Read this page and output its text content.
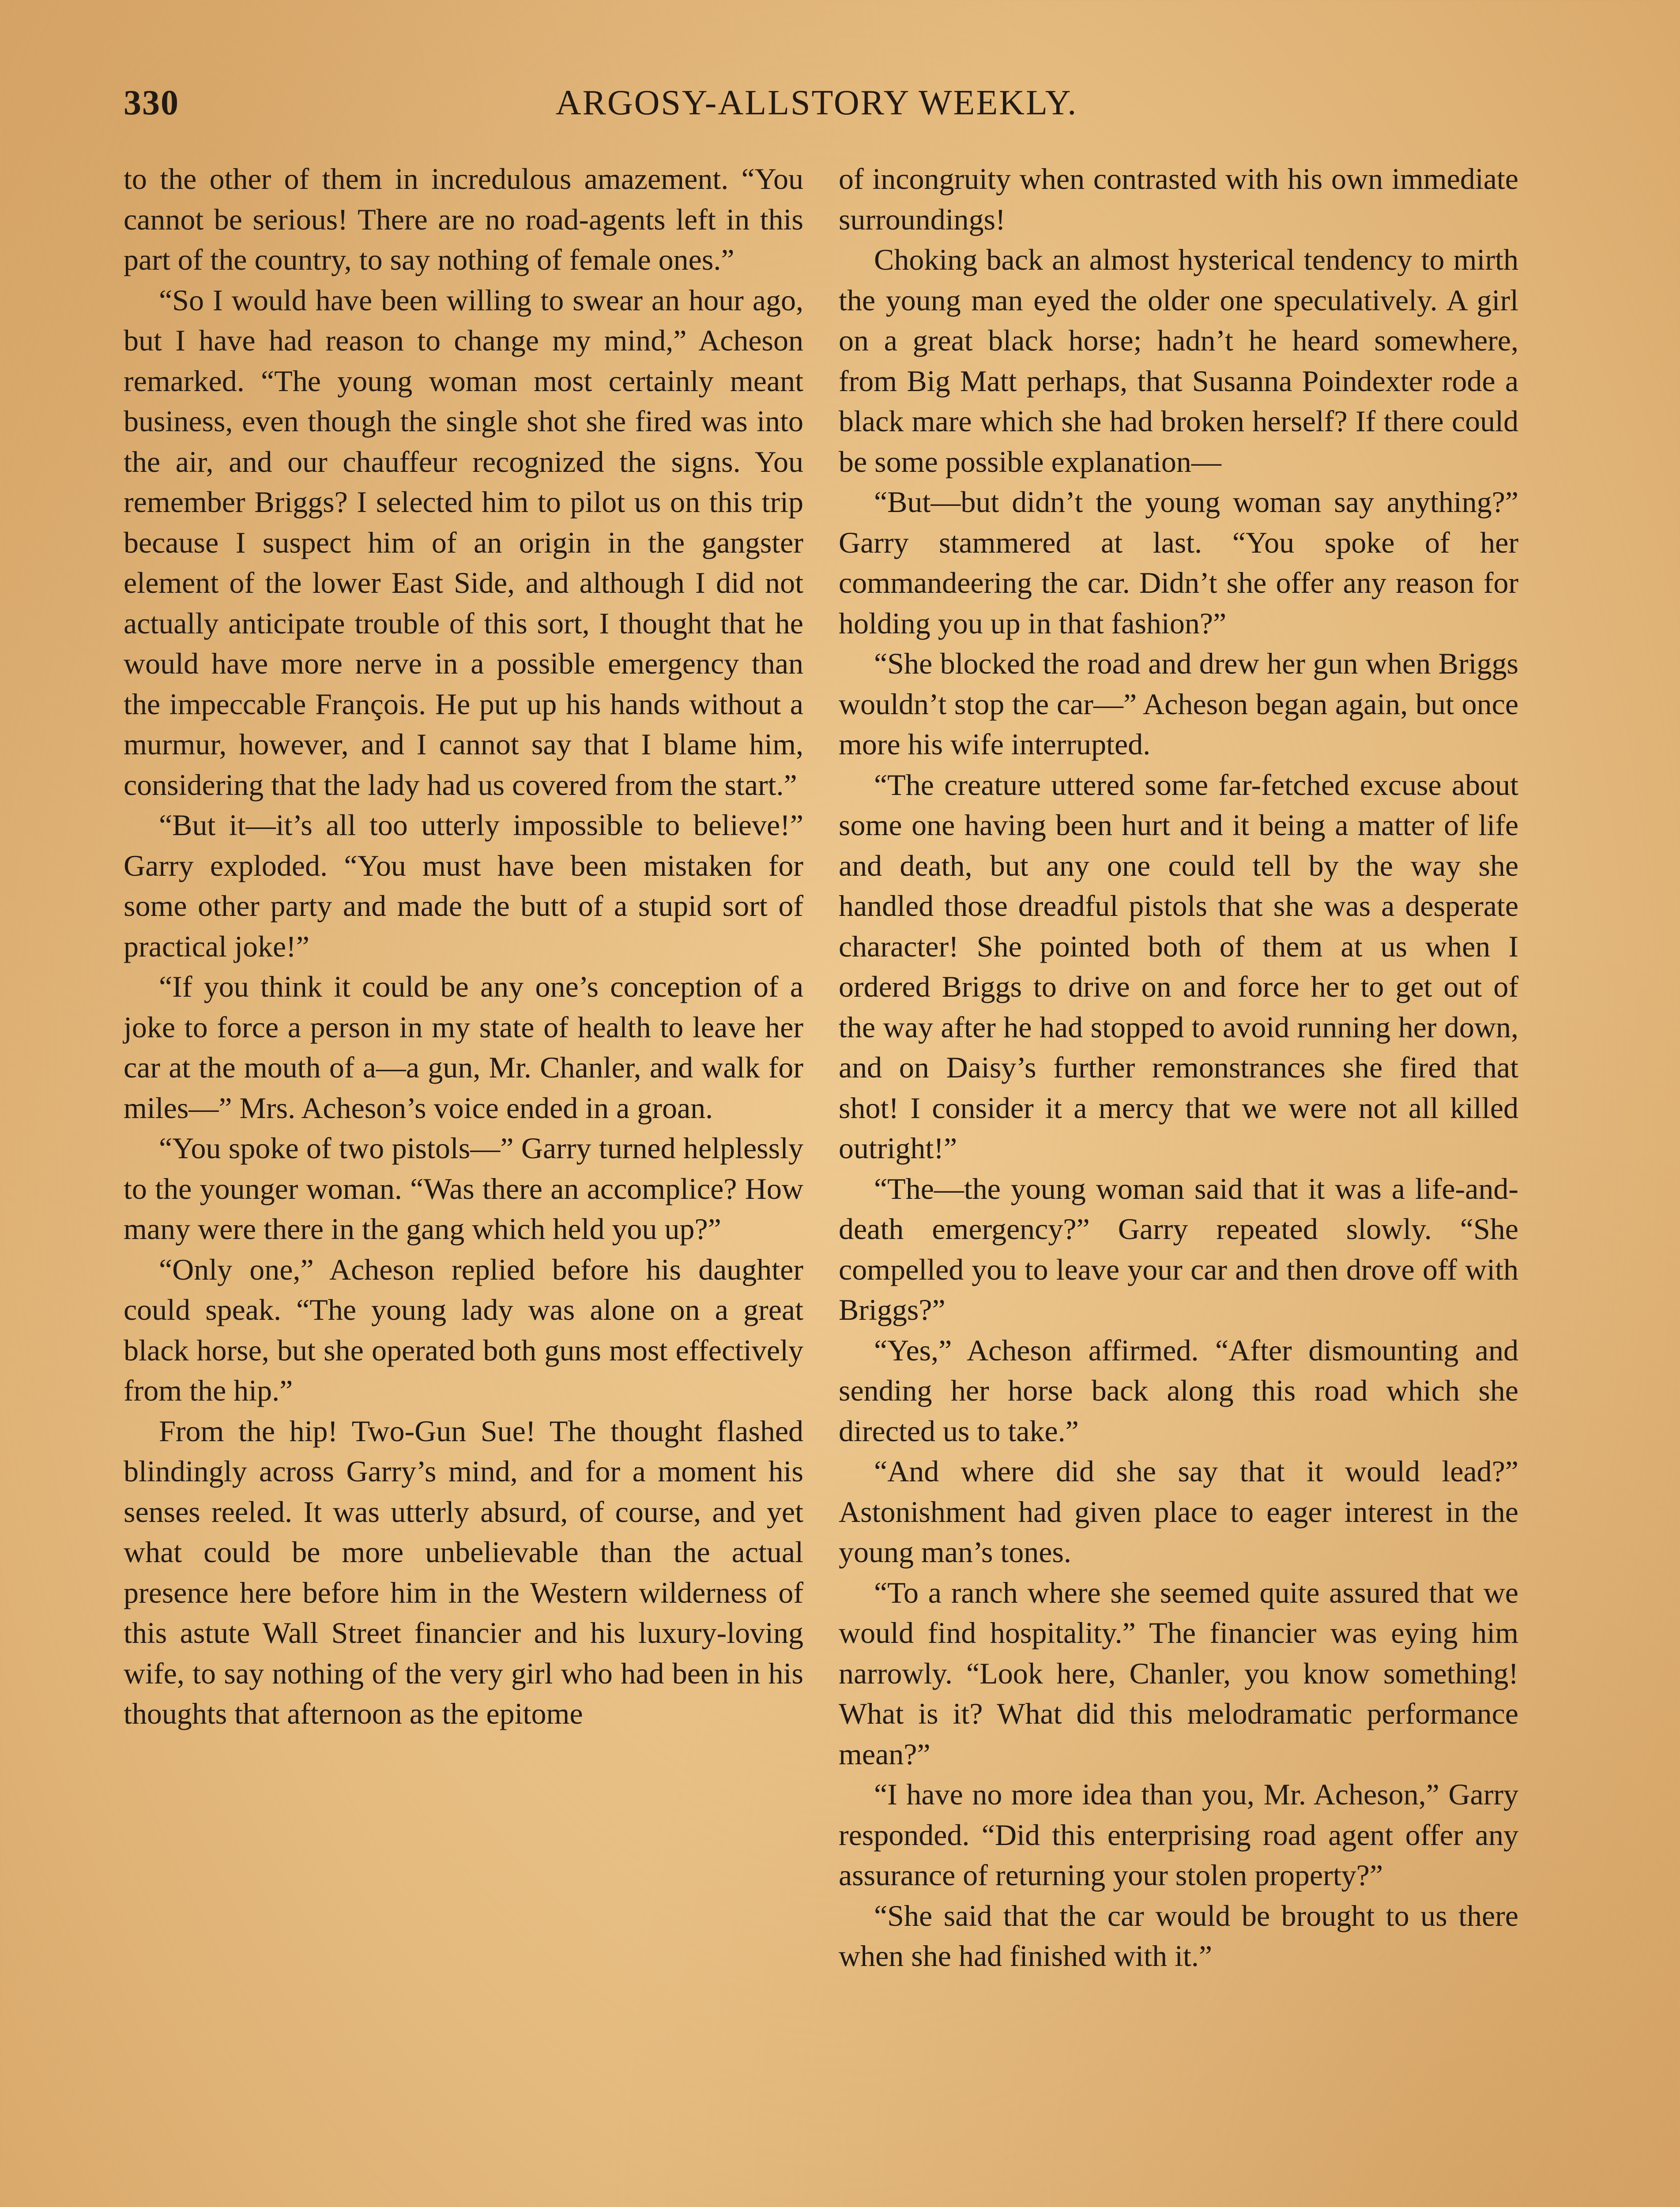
330	ARGOSY-ALLSTORY WEEKLY.

to the other of them in incredulous amazement. “You cannot be serious! There are no road-agents left in this part of the country, to say nothing of female ones.”

“So I would have been willing to swear an hour ago, but I have had reason to change my mind,” Acheson remarked. “The young woman most certainly meant business, even though the single shot she fired was into the air, and our chauffeur recognized the signs. You remember Briggs? I selected him to pilot us on this trip because I suspect him of an origin in the gangster element of the lower East Side, and although I did not actually anticipate trouble of this sort, I thought that he would have more nerve in a possible emergency than the impeccable François. He put up his hands without a murmur, however, and I cannot say that I blame him, considering that the lady had us covered from the start.”

“But it—it’s all too utterly impossible to believe!” Garry exploded. “You must have been mistaken for some other party and made the butt of a stupid sort of practical joke!”

“If you think it could be any one’s conception of a joke to force a person in my state of health to leave her car at the mouth of a—a gun, Mr. Chanler, and walk for miles—” Mrs. Acheson’s voice ended in a groan.

“You spoke of two pistols—” Garry turned helplessly to the younger woman. “Was there an accomplice? How many were there in the gang which held you up?”

“Only one,” Acheson replied before his daughter could speak. “The young lady was alone on a great black horse, but she operated both guns most effectively from the hip.”

From the hip! Two-Gun Sue! The thought flashed blindingly across Garry’s mind, and for a moment his senses reeled. It was utterly absurd, of course, and yet what could be more unbelievable than the actual presence here before him in the Western wilderness of this astute Wall Street financier and his luxury-loving wife, to say nothing of the very girl who had been in his thoughts that afternoon as the epitome

of incongruity when contrasted with his own immediate surroundings!

Choking back an almost hysterical tendency to mirth the young man eyed the older one speculatively. A girl on a great black horse; hadn’t he heard somewhere, from Big Matt perhaps, that Susanna Poindexter rode a black mare which she had broken herself? If there could be some possible explanation—

“But—but didn’t the young woman say anything?” Garry stammered at last. “You spoke of her commandeering the car. Didn’t she offer any reason for holding you up in that fashion?”

“She blocked the road and drew her gun when Briggs wouldn’t stop the car—” Acheson began again, but once more his wife interrupted.

“The creature uttered some far-fetched excuse about some one having been hurt and it being a matter of life and death, but any one could tell by the way she handled those dreadful pistols that she was a desperate character! She pointed both of them at us when I ordered Briggs to drive on and force her to get out of the way after he had stopped to avoid running her down, and on Daisy’s further remonstrances she fired that shot! I consider it a mercy that we were not all killed outright!”

“The—the young woman said that it was a life-and-death emergency?” Garry repeated slowly. “She compelled you to leave your car and then drove off with Briggs?”

“Yes,” Acheson affirmed. “After dismounting and sending her horse back along this road which she directed us to take.”

“And where did she say that it would lead?” Astonishment had given place to eager interest in the young man’s tones.

“To a ranch where she seemed quite assured that we would find hospitality.” The financier was eying him narrowly. “Look here, Chanler, you know something! What is it? What did this melodramatic performance mean?”

“I have no more idea than you, Mr. Acheson,” Garry responded. “Did this enterprising road agent offer any assurance of returning your stolen property?”

“She said that the car would be brought to us there when she had finished with it.”
